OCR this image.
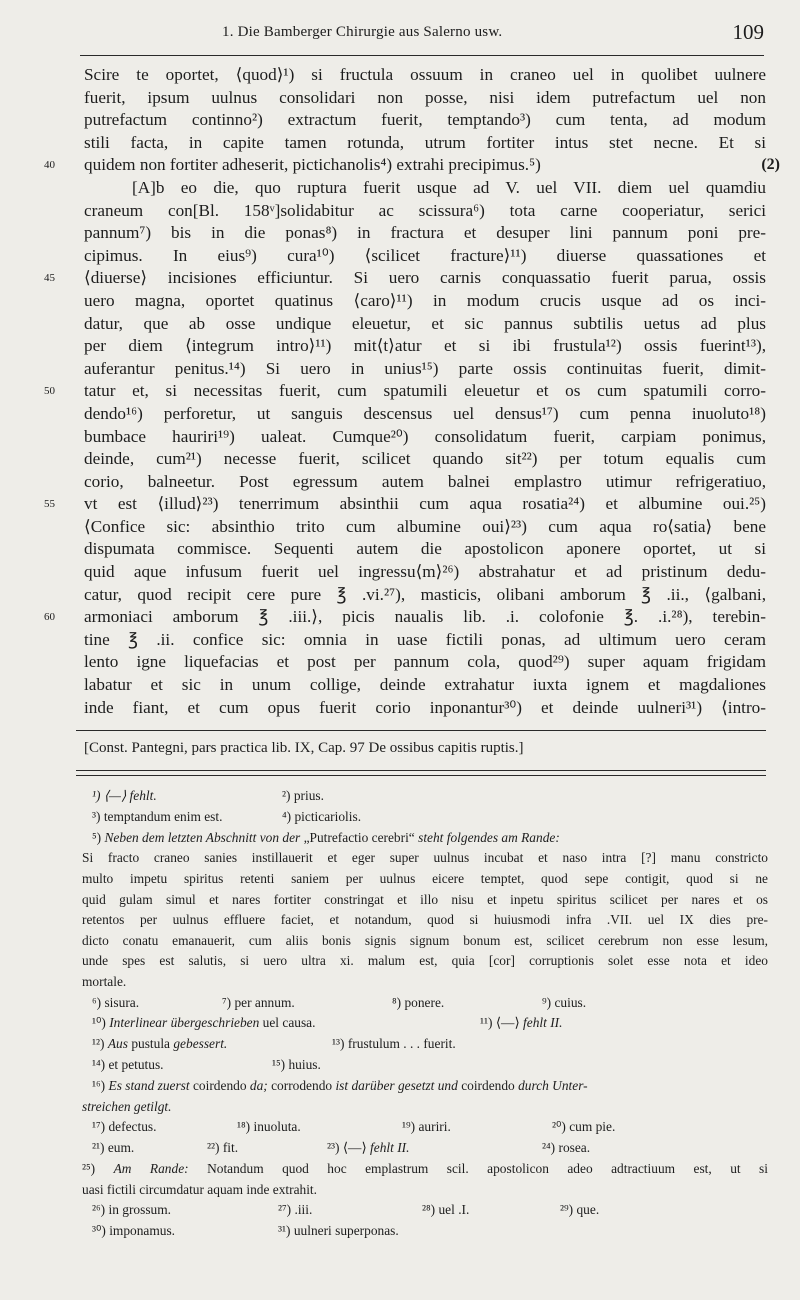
1. Die Bamberger Chirurgie aus Salerno usw.	109
Scire te oportet, ⟨quod⟩¹) si fructula ossuum in craneo uel in quolibet uulnere
fuerit, ipsum uulnus consolidari non posse, nisi idem putrefactum uel non
putrefactum continno²) extractum fuerit, temptando³) cum tenta, ad modum
stili facta, in capite tamen rotunda, utrum fortiter intus stet necne. Et si
40	quidem non fortiter adheserit, pictichanolis⁴) extrahi precipimus.⁵)	(2)
[A]b eo die, quo ruptura fuerit usque ad V. uel VII. diem uel quamdiu
craneum con[Bl. 158ᵛ]solidabitur ac scissura⁶) tota carne cooperiatur, serici
pannum⁷) bis in die ponas⁸) in fractura et desuper lini pannum poni pre-
cipimus. In eius⁹) cura¹⁰) ⟨scilicet fracture⟩¹¹) diuerse quassationes et
45	⟨diuerse⟩ incisiones efficiuntur. Si uero carnis conquassatio fuerit parua, ossis
uero magna, oportet quatinus ⟨caro⟩¹¹) in modum crucis usque ad os inci-
datur, que ab osse undique eleuetur, et sic pannus subtilis uetus ad plus
per diem ⟨integrum intro⟩¹¹) mit⟨t⟩atur et si ibi frustula¹²) ossis fuerint¹³),
auferantur penitus.¹⁴) Si uero in unius¹⁵) parte ossis continuitas fuerit, dimit-
50	tatur et, si necessitas fuerit, cum spatumili eleuetur et os cum spatumili corro-
dendo¹⁶) perforetur, ut sanguis descensus uel densus¹⁷) cum penna inuoluto¹⁸)
bumbace hauriri¹⁹) ualeat. Cumque²⁰) consolidatum fuerit, carpiam ponimus,
deinde, cum²¹) necesse fuerit, scilicet quando sit²²) per totum equalis cum
corio, balneetur. Post egressum autem balnei emplastro utimur refrigeratiuo,
55	vt est ⟨illud⟩²³) tenerrimum absinthii cum aqua rosatia²⁴) et albumine oui.²⁵)
⟨Confice sic: absinthio trito cum albumine oui⟩²³) cum aqua ro⟨satia⟩ bene
dispumata commisce. Sequenti autem die apostolicon aponere oportet, ut si
quid aque infusum fuerit uel ingressu⟨m⟩²⁶) abstrahatur et ad pristinum dedu-
catur, quod recipit cere pure ℥ .vi.²⁷), masticis, olibani amborum ℥ .ii., ⟨galbani,
60	armoniaci amborum ℥ .iii.⟩, picis naualis lib. .i. colofonie ℥. .i.²⁸), terebin-
tine ℥ .ii. confice sic: omnia in uase fictili ponas, ad ultimum uero ceram
lento igne liquefacias et post per pannum cola, quod²⁹) super aquam frigidam
labatur et sic in unum collige, deinde extrahatur iuxta ignem et magdaliones
inde fiant, et cum opus fuerit corio inponantur³⁰) et deinde uulneri³¹) ⟨intro-
[Const. Pantegni, pars practica lib. IX, Cap. 97 De ossibus capitis ruptis.]
¹) ⟨—⟩ fehlt.	²) prius.
³) temptandum enim est.	⁴) picticariolis.
⁵) Neben dem letzten Abschnitt von der „Putrefactio cerebri“ steht folgendes am Rande:
Si fracto craneo sanies instillauerit et eger super uulnus incubat et naso intra [?] manu constricto
multo impetu spiritus retenti saniem per uulnus eicere temptet, quod sepe contigit, quod si ne
quid gulam simul et nares fortiter constringat et illo nisu et inpetu spiritus scilicet per nares et os
retentos per uulnus effluere faciet, et notandum, quod si huiusmodi infra .VII. uel IX dies pre-
dicto conatu emanauerit, cum aliis bonis signis signum bonum est, scilicet cerebrum non esse lesum,
unde spes est salutis, si uero ultra xi. malum est, quia [cor] corruptionis solet esse nota et ideo
mortale.
⁶) sisura.	⁷) per annum.	⁸) ponere.	⁹) cuius.
¹⁰) Interlinear übergeschrieben uel causa.	¹¹) ⟨—⟩ fehlt II.
¹²) Aus pustula gebessert.	¹³) frustulum . . . fuerit.
¹⁴) et petutus.	¹⁵) huius.
¹⁶) Es stand zuerst coirdendo da; corrodendo ist darüber gesetzt und coirdendo durch Unter-
streichen getilgt.
¹⁷) defectus.	¹⁸) inuoluta.	¹⁹) auriri.	²⁰) cum pie.
²¹) eum.	²²) fit.	²³) ⟨—⟩ fehlt II.	²⁴) rosea.
²⁵) Am Rande: Notandum quod hoc emplastrum scil. apostolicon adeo adtractiuum est, ut si
uasi fictili circumdatur aquam inde extrahit.
²⁶) in grossum.	²⁷) .iii.	²⁸) uel .I.	²⁹) que.
³⁰) imponamus.	³¹) uulneri superponas.
